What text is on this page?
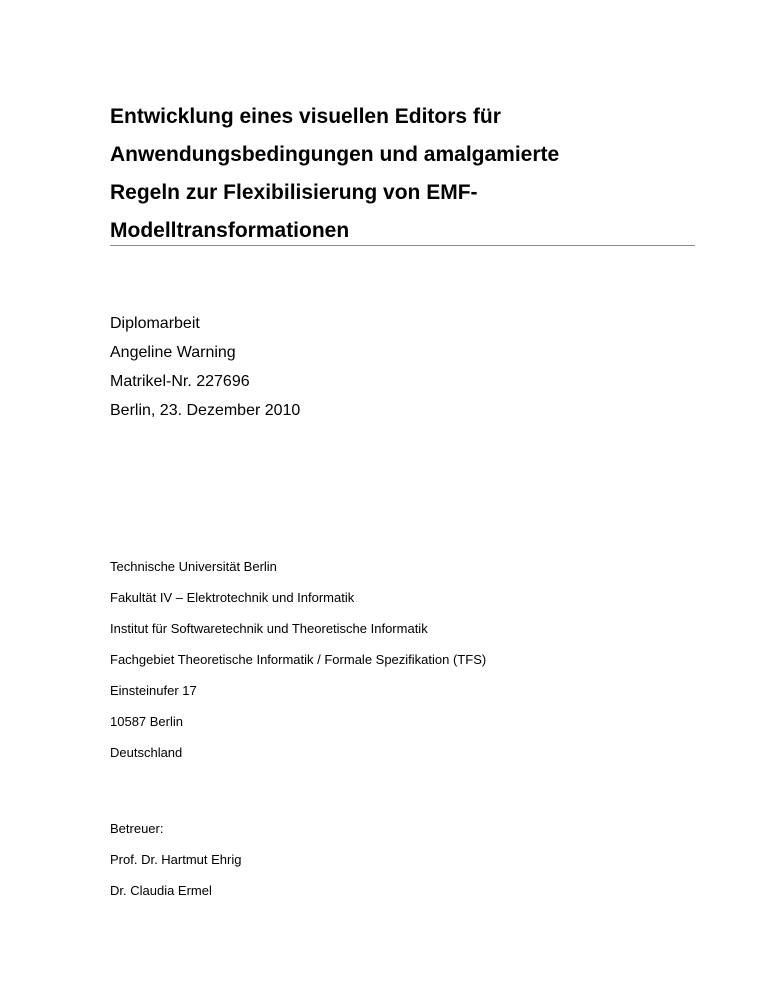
Entwicklung eines visuellen Editors für
Anwendungsbedingungen und amalgamierte
Regeln zur Flexibilisierung von EMF-
Modelltransformationen
Diplomarbeit
Angeline Warning
Matrikel-Nr. 227696
Berlin, 23. Dezember 2010
Technische Universität Berlin
Fakultät IV – Elektrotechnik und Informatik
Institut für Softwaretechnik und Theoretische Informatik
Fachgebiet Theoretische Informatik / Formale Spezifikation (TFS)
Einsteinufer 17
10587 Berlin
Deutschland
Betreuer:
Prof. Dr. Hartmut Ehrig
Dr. Claudia Ermel
